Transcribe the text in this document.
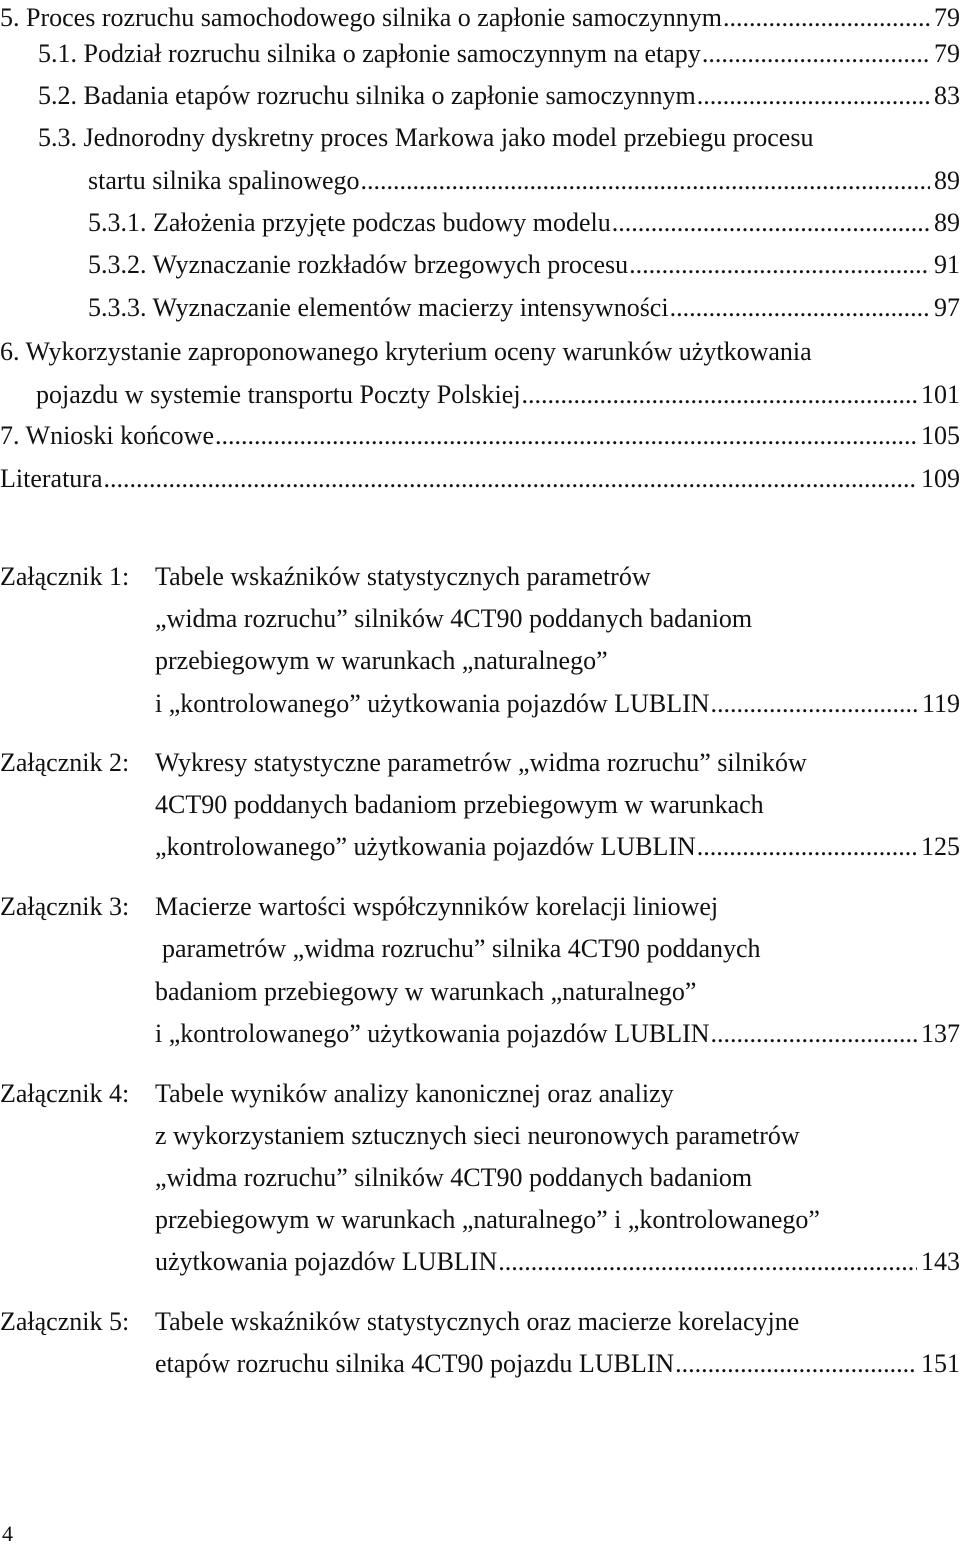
5. Proces rozruchu samochodowego silnika o zapłonie samoczynnym .....	79
5.1. Podział rozruchu silnika o zapłonie samoczynnym na etapy .....	79
5.2. Badania etapów rozruchu silnika o zapłonie samoczynnym .....	83
5.3. Jednorodny dyskretny proces Markowa jako model przebiegu procesu
startu silnika spalinowego .....	89
5.3.1. Założenia przyjęte podczas budowy modelu .....	89
5.3.2. Wyznaczanie rozkładów brzegowych procesu .....	91
5.3.3. Wyznaczanie elementów macierzy intensywności .....	97
6. Wykorzystanie zaproponowanego kryterium oceny warunków użytkowania
pojazdu w systemie transportu Poczty Polskiej .....	101
7. Wnioski końcowe .....	105
Literatura .....	109
Załącznik 1: Tabele wskaźników statystycznych parametrów
„widma rozruchu” silników 4CT90 poddanych badaniom
przebiegowym w warunkach „naturalnego”
i „kontrolowanego” użytkowania pojazdów LUBLIN .....	119
Załącznik 2: Wykresy statystyczne parametrów „widma rozruchu” silników
4CT90 poddanych badaniom przebiegowym w warunkach
„kontrolowanego” użytkowania pojazdów LUBLIN .....	125
Załącznik 3: Macierze wartości współczynników korelacji liniowej
parametrów „widma rozruchu” silnika 4CT90 poddanych
badaniom przebiegowy w warunkach „naturalnego”
i „kontrolowanego” użytkowania pojazdów LUBLIN .....	137
Załącznik 4: Tabele wyników analizy kanonicznej oraz analizy
z wykorzystaniem sztucznych sieci neuronowych parametrów
„widma rozruchu” silników 4CT90 poddanych badaniom
przebiegowym w warunkach „naturalnego” i „kontrolowanego”
użytkowania pojazdów LUBLIN .....	143
Załącznik 5: Tabele wskaźników statystycznych oraz macierze korelacyjne
etapów rozruchu silnika 4CT90 pojazdu LUBLIN .....	151
4
